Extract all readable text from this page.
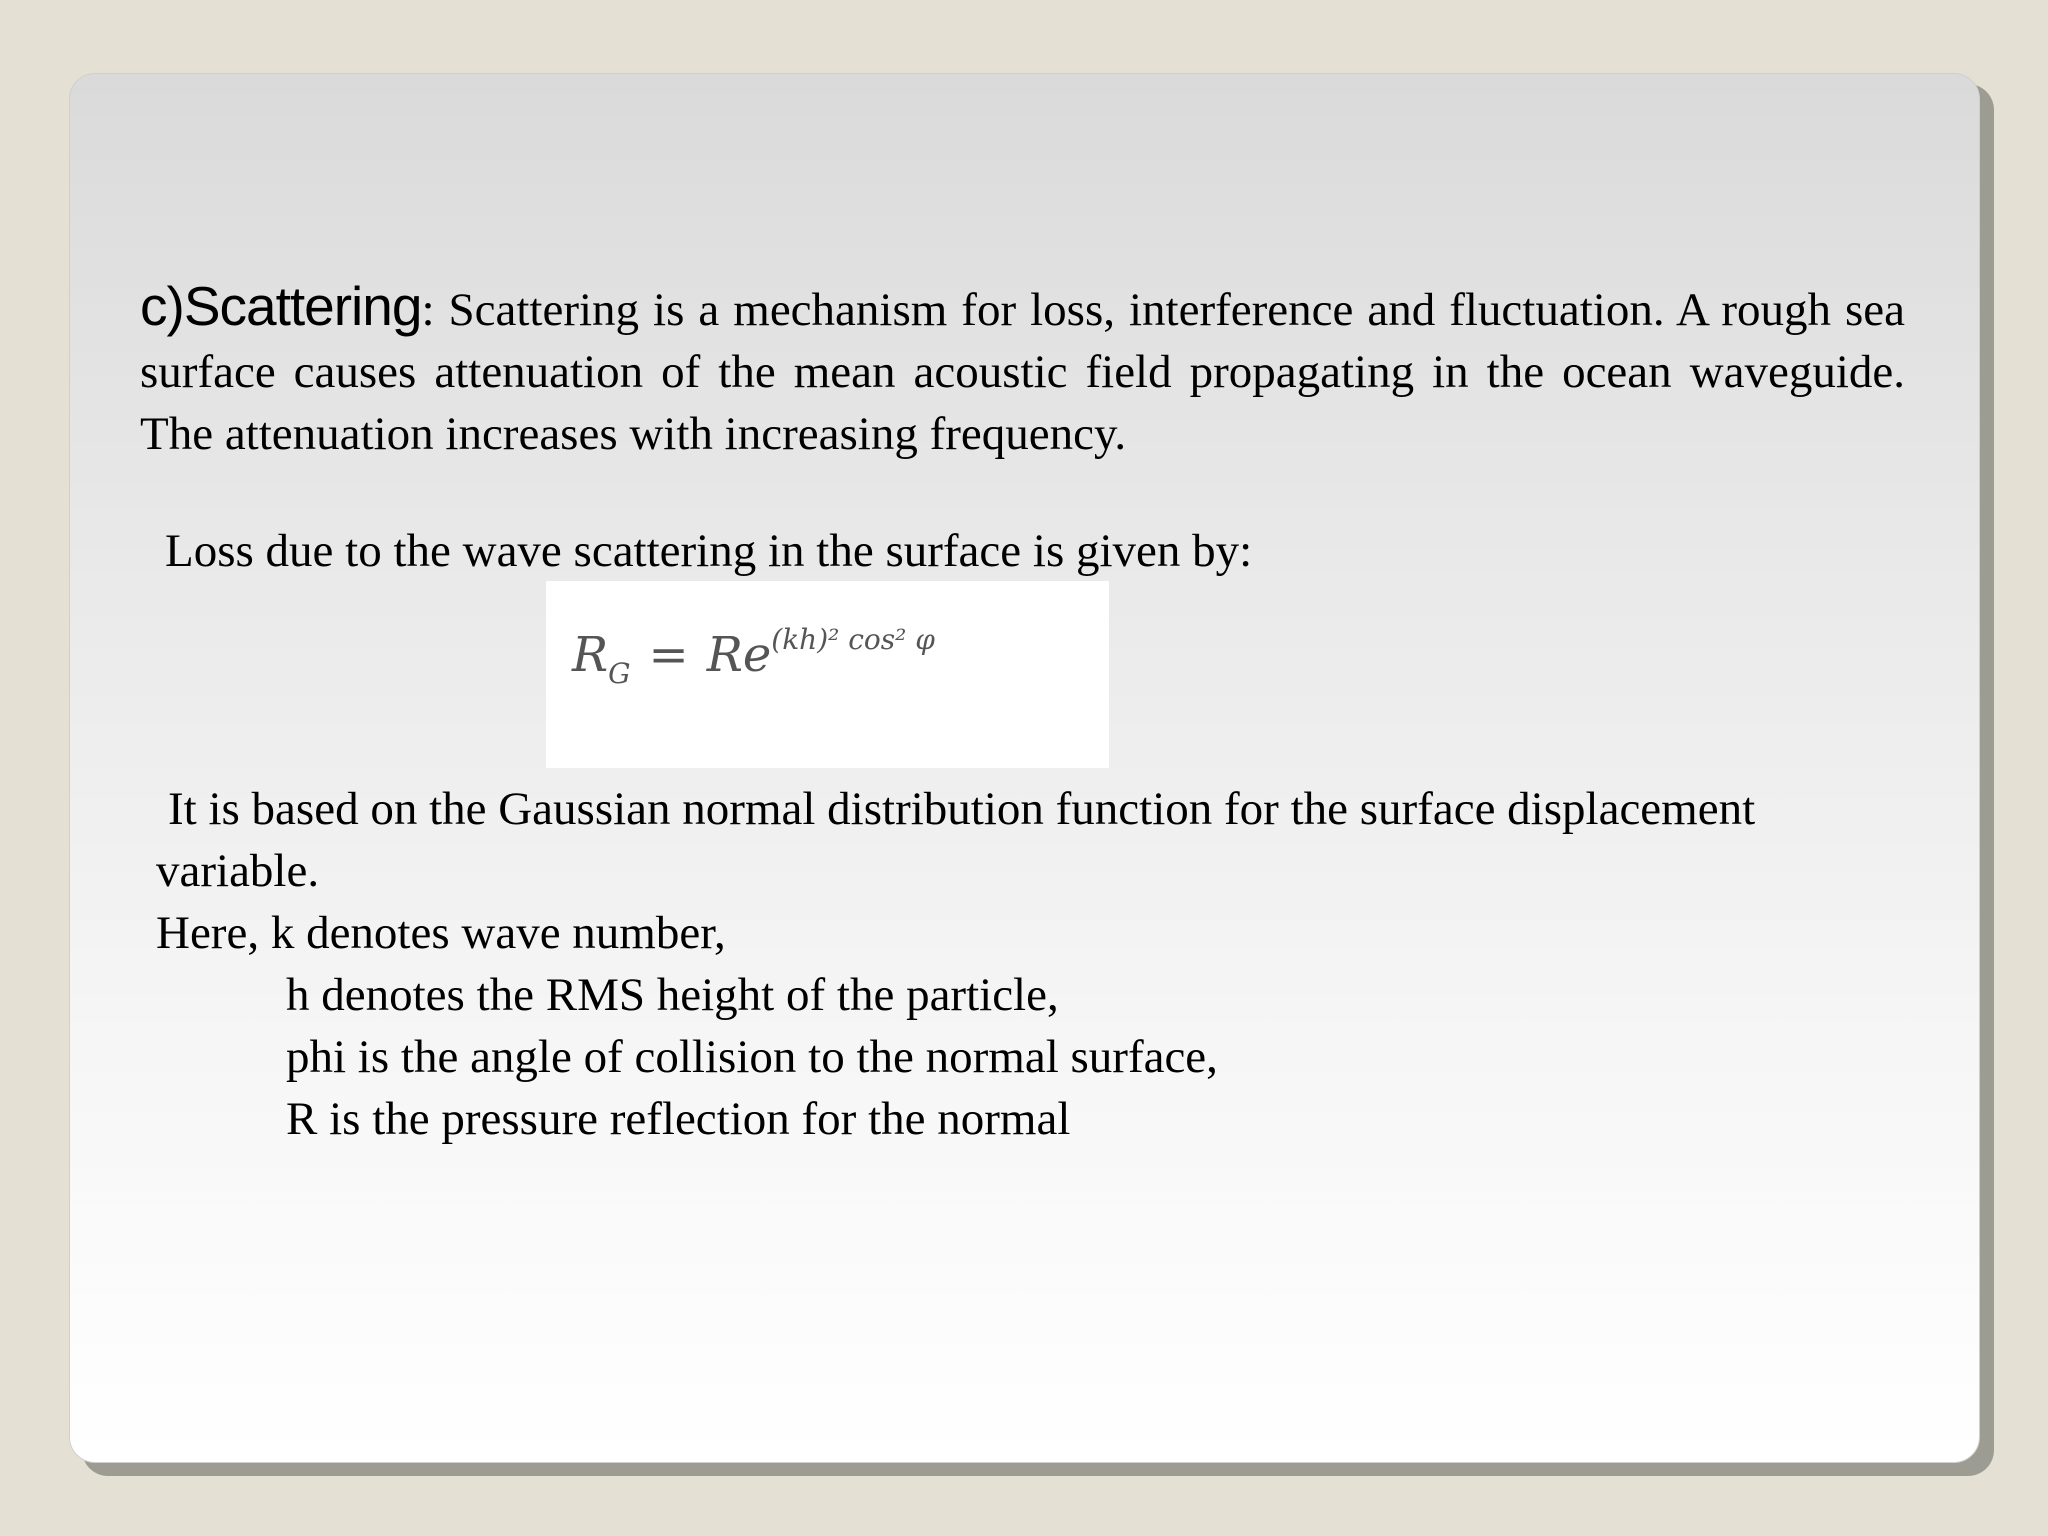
c)Scattering: Scattering is a mechanism for loss, interference and fluctuation. A rough sea surface causes attenuation of the mean acoustic field propagating in the ocean waveguide. The attenuation increases with increasing frequency.
Loss due to the wave scattering in the surface is given by:
$R_G = Re^{(kh)^2 cos^2 \varphi}$
It is based on the Gaussian normal distribution function for the surface displacement
variable.
Here, k denotes wave number,
h denotes the RMS height of the particle,
phi is the angle of collision to the normal surface,
R is the pressure reflection for the normal
